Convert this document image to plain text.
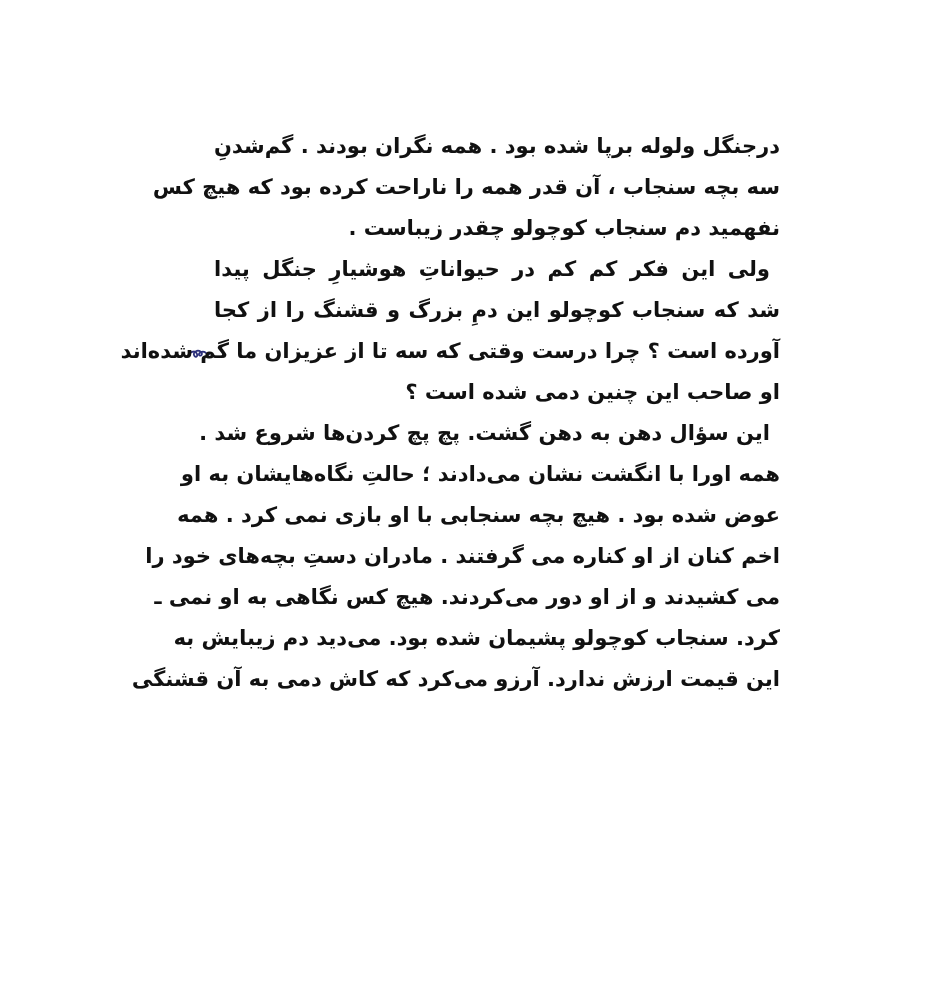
درجنگل ولوله برپا شده بود . همه نگران بودند . گم‌شدنِ
سه بچه سنجاب ، آن قدر همه را ناراحت کرده بود که هیچ کس
نفهمید دم سنجاب کوچولو چقدر زیباست .
ولی این فکر کم کم در حیواناتِ هوشیارِ جنگل پیدا
شد که سنجاب کوچولو این دمِ بزرگ و قشنگ را از کجا
آورده است ؟ چرا درست وقتی که سه تا از عزیزان ما گم شده‌اند
او صاحب این چنین دمی شده است ؟
این سؤال دهن به دهن گشت. پچ پچ کردن‌ها شروع شد .
همه اورا با انگشت نشان می‌دادند ؛ حالتِ نگاه‌هایشان به او
عوض شده بود . هیچ بچه سنجابی با او بازی نمی کرد . همه
اخم کنان از او کناره می گرفتند . مادران دستِ بچه‌های خود را
می کشیدند و از او دور می‌کردند. هیچ کس نگاهی به او نمی ـ
کرد. سنجاب کوچولو پشیمان شده بود. می‌دید دم زیبایش به
این قیمت ارزش ندارد. آرزو می‌کرد که کاش دمی به آن قشنگی
